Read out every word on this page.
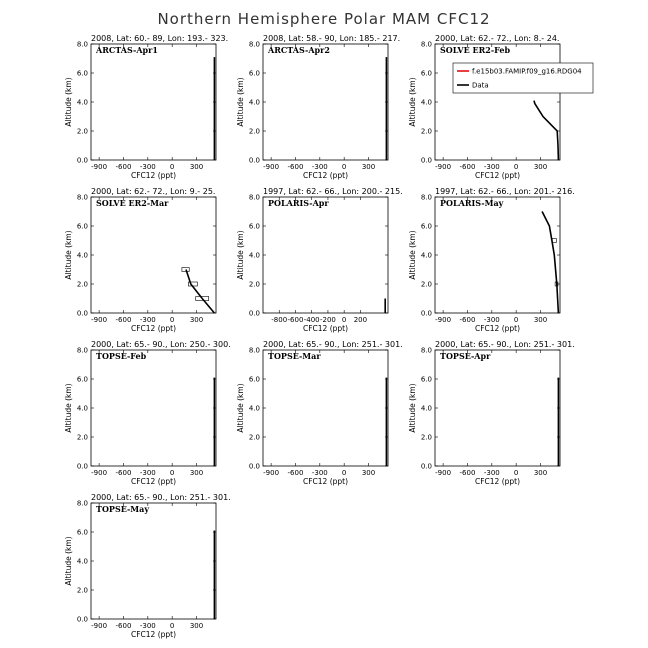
Northern Hemisphere Polar MAM CFC12
2008, Lat: 60.- 89, Lon: 193.- 323.
ARCTAS-Apr1
-900 -600 -300 0 300
0.0
2.0
4.0
6.0
8.0
CFC12 (ppt)
Altitude (km)
2008, Lat: 58.- 90, Lon: 185.- 217.
ARCTAS-Apr2
-900 -600 -300 0 300
0.0
2.0
4.0
6.0
8.0
CFC12 (ppt)
Altitude (km)
2000, Lat: 62.- 72., Lon: 8.- 24.
SOLVE ER2-Feb
-900 -600 -300 0 300
0.0
2.0
4.0
6.0
8.0
CFC12 (ppt)
Altitude (km)
f.e15b03.FAMIP.f09_g16.RDG04
Data
2000, Lat: 62.- 72., Lon: 9.- 25.
SOLVE ER2-Mar
-900 -600 -300 0 300
0.0
2.0
4.0
6.0
8.0
CFC12 (ppt)
Altitude (km)
1997, Lat: 62.- 66., Lon: 200.- 215.
POLARIS-Apr
-800 -600 -400 -200 0 200
0.0
2.0
4.0
6.0
8.0
CFC12 (ppt)
Altitude (km)
1997, Lat: 62.- 66., Lon: 201.- 216.
POLARIS-May
-900 -600 -300 0 300
0.0
2.0
4.0
6.0
8.0
CFC12 (ppt)
Altitude (km)
2000, Lat: 65.- 90., Lon: 250.- 300.
TOPSE-Feb
-900 -600 -300 0 300
0.0
2.0
4.0
6.0
8.0
CFC12 (ppt)
Altitude (km)
2000, Lat: 65.- 90., Lon: 251.- 301.
TOPSE-Mar
-900 -600 -300 0 300
0.0
2.0
4.0
6.0
8.0
CFC12 (ppt)
Altitude (km)
2000, Lat: 65.- 90., Lon: 251.- 301.
TOPSE-Apr
-900 -600 -300 0 300
0.0
2.0
4.0
6.0
8.0
CFC12 (ppt)
Altitude (km)
2000, Lat: 65.- 90., Lon: 251.- 301.
TOPSE-May
-900 -600 -300 0 300
0.0
2.0
4.0
6.0
8.0
CFC12 (ppt)
Altitude (km)
